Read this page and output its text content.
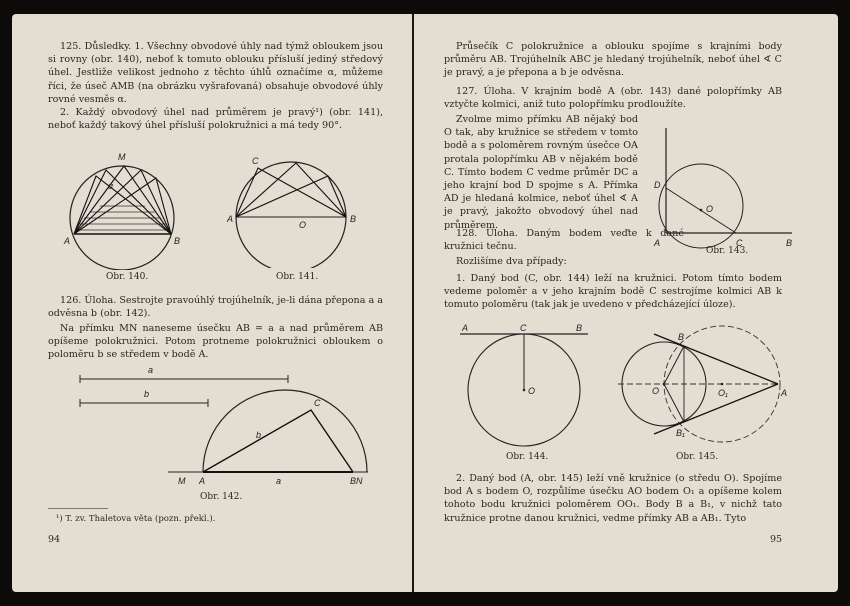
125. Důsledky. 1. Všechny obvodové úhly nad týmž obloukem jsou si rovny (obr. 140), neboť k tomuto oblouku přísluší jediný středový úhel. Jestliže velikost jednoho z těchto úhlů označíme α, můžeme říci, že úseč AMB (na obrázku vyšrafovaná) obsahuje obvodové úhly rovné vesměs α.

2. Každý obvodový úhel nad průměrem je pravý¹) (obr. 141), neboť každý takový úhel přísluší polokružnici a má tedy 90°.

M
α
A	B
Obr. 140.
C
A
O
B
Obr. 141.

126. Úloha. Sestrojte pravoúhlý trojúhelník, je-li dána přepona a a odvěsna b (obr. 142).

Na přímku MN naneseme úsečku AB = a a nad průměrem AB opíšeme polokružnici. Potom protneme polokružnici obloukem o poloměru b se středem v bodě A.

a
b
C
b
M A	a	BN
Obr. 142.
¹) T. zv. Thaletova věta (pozn. překl.).
94

Průsečík C polokružnice a oblouku spojíme s krajními body průměru AB. Trojúhelník ABC je hledaný trojúhelník, neboť úhel ∢ C je pravý, a je přepona a b je odvěsna.

127. Úloha. V krajním bodě A (obr. 143) dané polopřímky AB vztyčte kolmici, aniž tuto polopřímku prodloužíte.

Zvolme mimo přímku AB nějaký bod O tak, aby kružnice se středem v tomto bodě a s poloměrem rovným úsečce OA protala polopřímku AB v nějakém bodě C. Tímto bodem C vedme průměr DC a jeho krajní bod D spojme s A. Přímka AD je hledaná kolmice, neboť úhel ∢ A je pravý, jakožto obvodový úhel nad průměrem.

D
O
A	C	B
Obr. 143.

128. Úloha. Daným bodem veďte k dané kružnici tečnu.

Rozlišíme dva případy:

1. Daný bod (C, obr. 144) leží na kružnici. Potom tímto bodem vedeme poloměr a v jeho krajním bodě C sestrojíme kolmici AB k tomuto poloměru (tak jak je uvedeno v předcházející úloze).

A	C	B
O
Obr. 144.
B
O	O₁	A
B₁
Obr. 145.

2. Daný bod (A, obr. 145) leží vně kružnice (o středu O). Spojíme bod A s bodem O, rozpůlíme úsečku AO bodem O₁ a opíšeme kolem tohoto bodu kružnici poloměrem OO₁. Body B a B₁, v nichž tato kružnice protne danou kružnici, vedme přímky AB a AB₁. Tyto

95
